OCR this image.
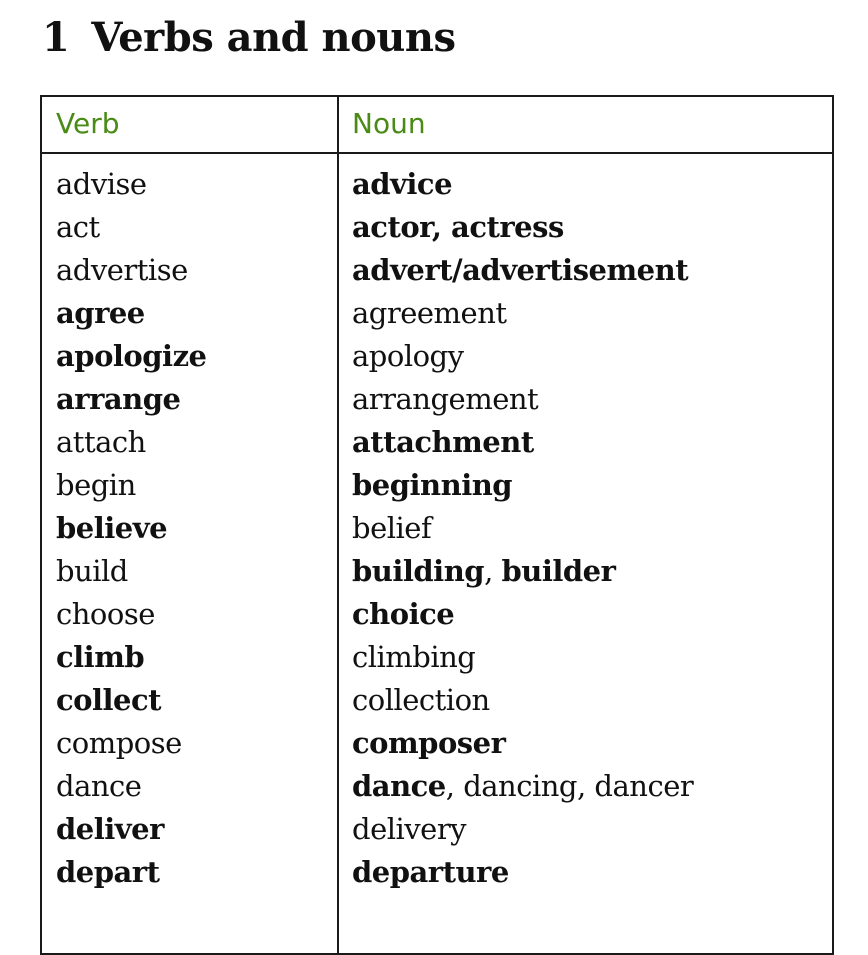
1 Verbs and nouns
Verb	Noun
advise
act
advertise
agree
apologize
arrange
attach
begin
believe
build
choose
climb
collect
compose
dance
deliver
depart
advice
actor, actress
advert/advertisement
agreement
apology
arrangement
attachment
beginning
belief
building, builder
choice
climbing
collection
composer
dance, dancing, dancer
delivery
departure
